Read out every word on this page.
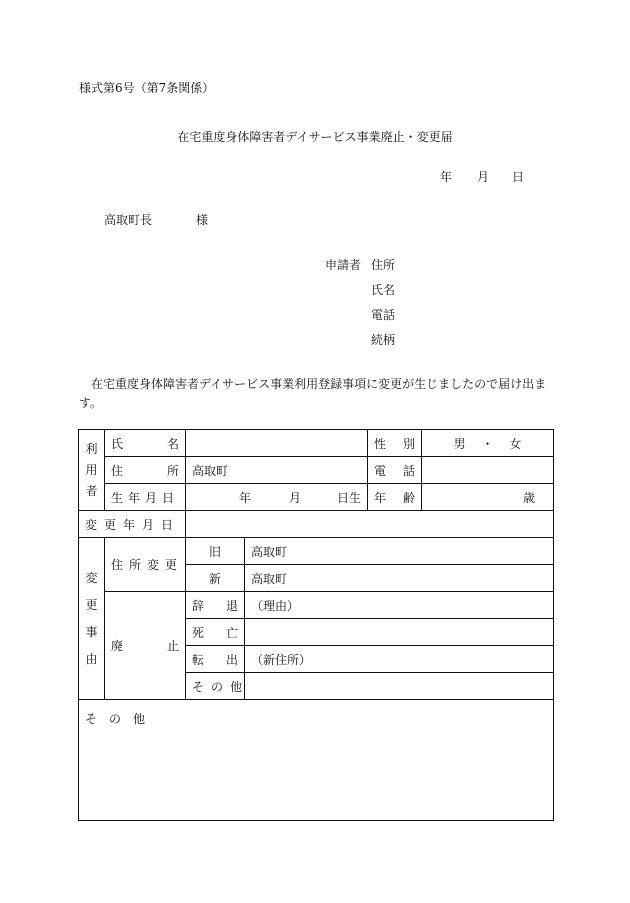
様式第6号（第7条関係）
在宅重度身体障害者デイサービス事業廃止・変更届
年 月 日
高取町長	様
申請者 住所
氏名
電話
続柄
在宅重度身体障害者デイサービス事業利用登録事項に変更が生じましたので届け出ます。
利用者	氏 名			性 別	男 ・ 女

	住 所	高取町		電 話	

	生年月日	年 月 日生		年 齢	歳
変更年月日					
変更事由	住所変更	旧	高取町		
		新	高取町		

	廃 止	辞 退	（理由）		

		死 亡			

		転 出	（新住所）		
		その他			
その他					
